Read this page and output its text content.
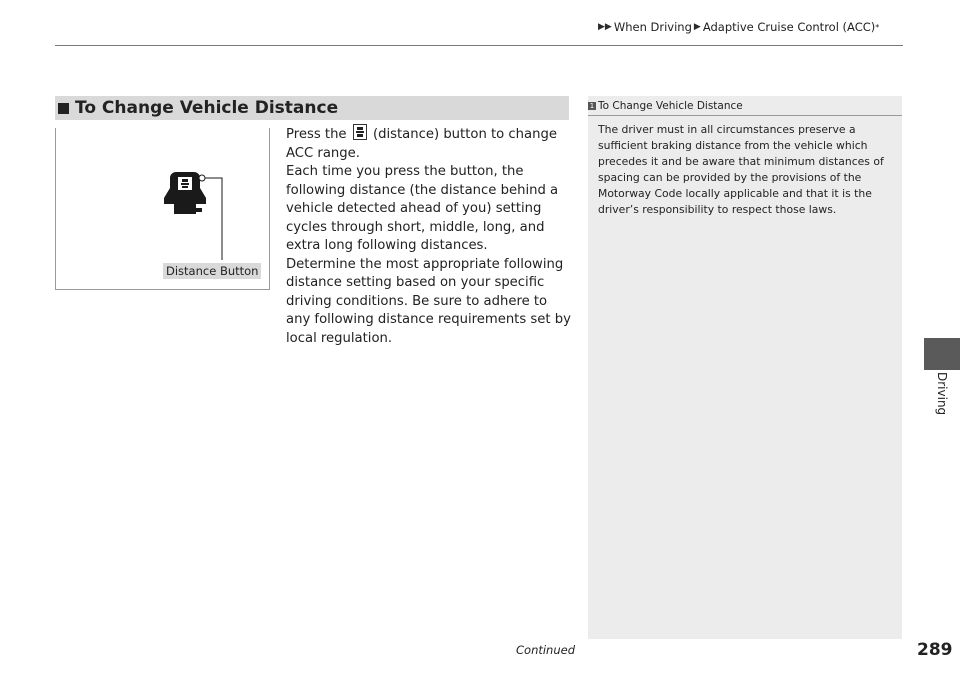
▶▶ When Driving ▶ Adaptive Cruise Control (ACC) *
To Change Vehicle Distance
Distance Button

Press the (distance) button to change ACC range.

Each time you press the button, the following distance (the distance behind a vehicle detected ahead of you) setting cycles through short, middle, long, and extra long following distances.

Determine the most appropriate following distance setting based on your specific driving conditions. Be sure to adhere to any following distance requirements set by local regulation.

1 To Change Vehicle Distance
The driver must in all circumstances preserve a sufficient braking distance from the vehicle which precedes it and be aware that minimum distances of spacing can be provided by the provisions of the Motorway Code locally applicable and that it is the driver’s responsibility to respect those laws.
Driving
Continued	289
